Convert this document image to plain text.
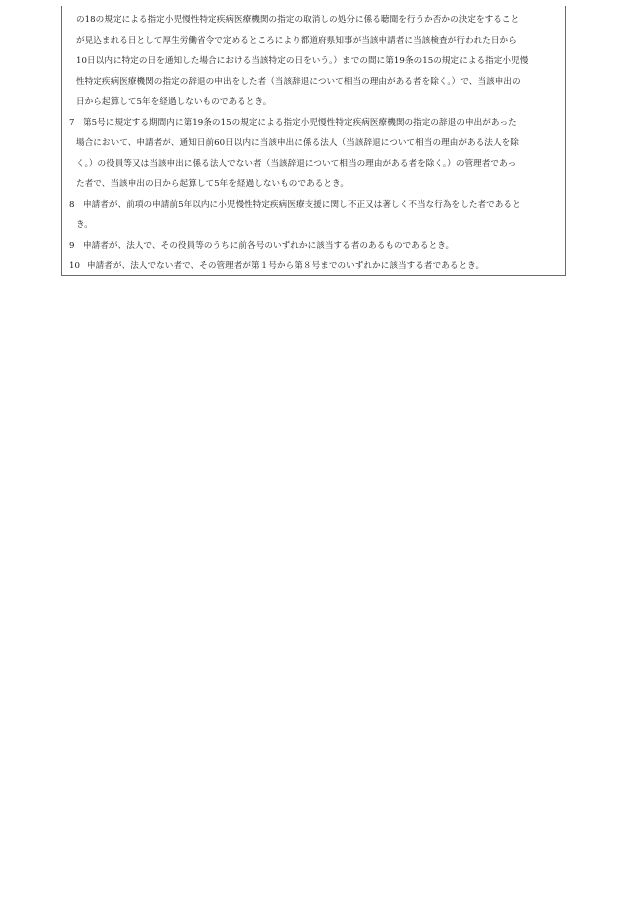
の18の規定による指定小児慢性特定疾病医療機関の指定の取消しの処分に係る聴聞を行うか否かの決定をすること
が見込まれる日として厚生労働省令で定めるところにより都道府県知事が当該申請者に当該検査が行われた日から
10日以内に特定の日を通知した場合における当該特定の日をいう。）までの間に第19条の15の規定による指定小児慢
性特定疾病医療機関の指定の辞退の申出をした者（当該辞退について相当の理由がある者を除く。）で、当該申出の
日から起算して5年を経過しないものであるとき。
7 第5号に規定する期間内に第19条の15の規定による指定小児慢性特定疾病医療機関の指定の辞退の申出があった
場合において、申請者が、通知日前60日以内に当該申出に係る法人（当該辞退について相当の理由がある法人を除
く。）の役員等又は当該申出に係る法人でない者（当該辞退について相当の理由がある者を除く。）の管理者であっ
た者で、当該申出の日から起算して5年を経過しないものであるとき。
8 申請者が、前項の申請前5年以内に小児慢性特定疾病医療支援に関し不正又は著しく不当な行為をした者であると
き。
9 申請者が、法人で、その役員等のうちに前各号のいずれかに該当する者のあるものであるとき。
10 申請者が、法人でない者で、その管理者が第１号から第８号までのいずれかに該当する者であるとき。
